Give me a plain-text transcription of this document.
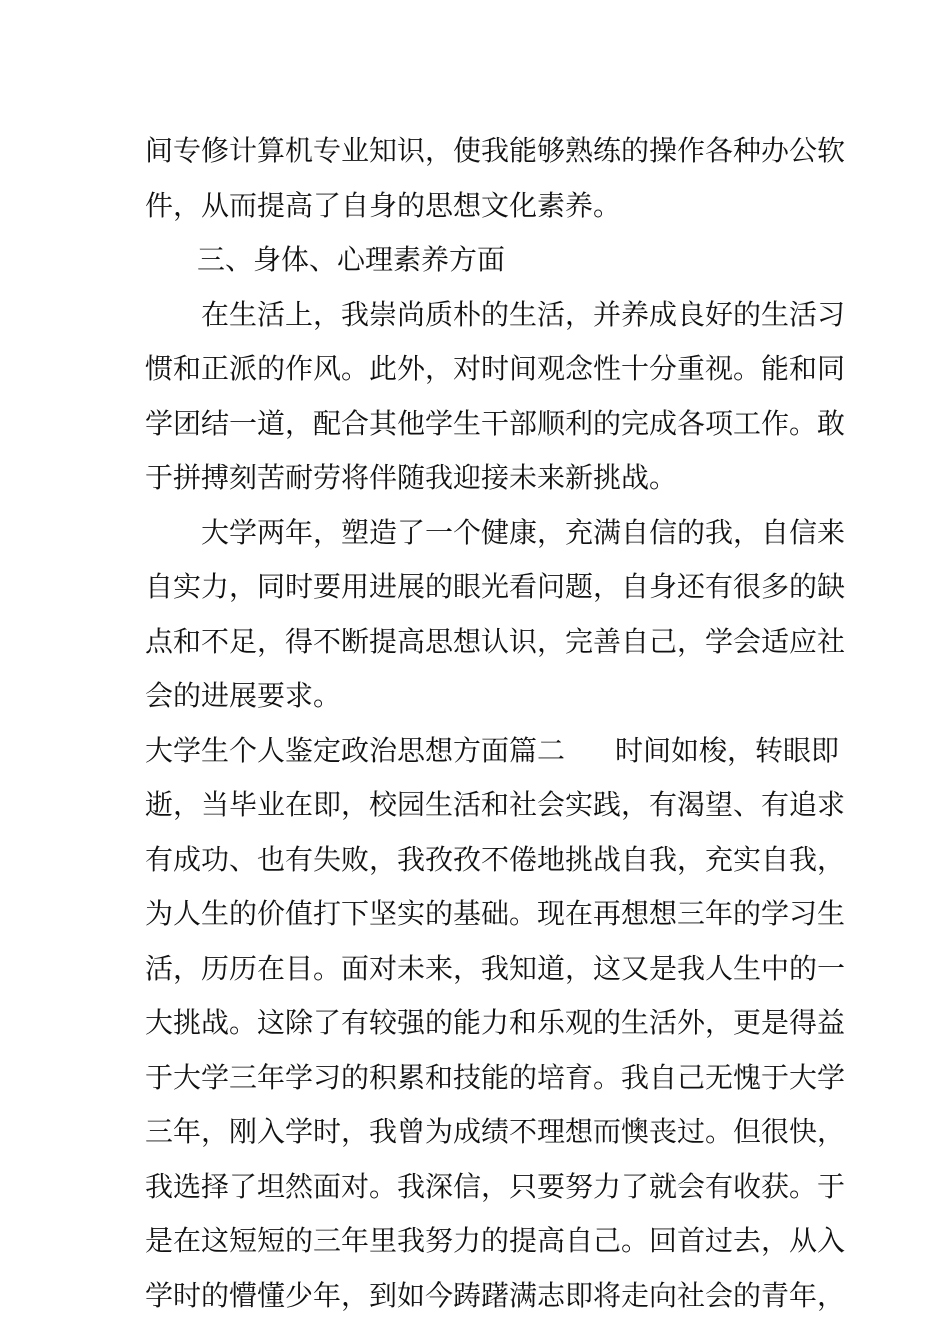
间专修计算机专业知识，使我能够熟练的操作各种办公软
件，从而提高了自身的思想文化素养。
三、身体、心理素养方面
在生活上，我崇尚质朴的生活，并养成良好的生活习
惯和正派的作风。此外，对时间观念性十分重视。能和同
学团结一道，配合其他学生干部顺利的完成各项工作。敢
于拼搏刻苦耐劳将伴随我迎接未来新挑战。
大学两年，塑造了一个健康，充满自信的我，自信来
自实力，同时要用进展的眼光看问题，自身还有很多的缺
点和不足，得不断提高思想认识，完善自己，学会适应社
会的进展要求。
大学生个人鉴定政治思想方面篇二 时间如梭，转眼即
逝，当毕业在即，校园生活和社会实践，有渴望、有追求
有成功、也有失败，我孜孜不倦地挑战自我，充实自我，
为人生的价值打下坚实的基础。现在再想想三年的学习生
活，历历在目。面对未来，我知道，这又是我人生中的一
大挑战。这除了有较强的能力和乐观的生活外，更是得益
于大学三年学习的积累和技能的培育。我自己无愧于大学
三年，刚入学时，我曾为成绩不理想而懊丧过。但很快，
我选择了坦然面对。我深信，只要努力了就会有收获。于
是在这短短的三年里我努力的提高自己。回首过去，从入
学时的懵懂少年，到如今踌躇满志即将走向社会的青年，
